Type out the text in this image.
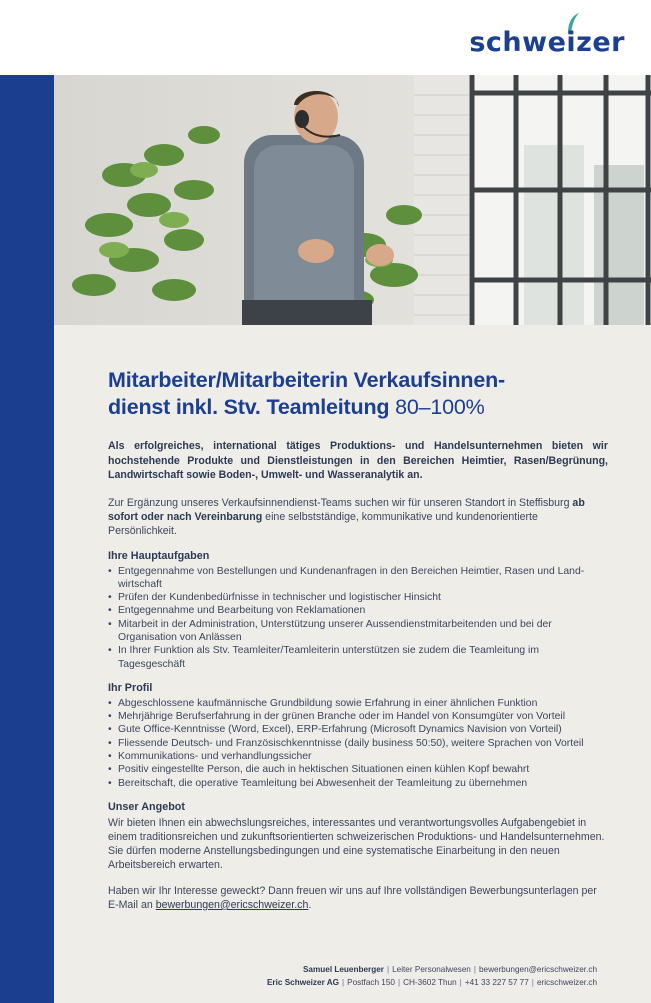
schweizer
Mitarbeiter/Mitarbeiterin Verkaufsinnen-
dienst inkl. Stv. Teamleitung 80–100%
Als erfolgreiches, international tätiges Produktions- und Handelsunternehmen bieten wir hochstehende Produkte und Dienstleistungen in den Bereichen Heimtier, Rasen/Begrünung, Landwirtschaft sowie Boden-, Umwelt- und Wasseranalytik an.
Zur Ergänzung unseres Verkaufsinnendienst-Teams suchen wir für unseren Standort in Steffisburg ab sofort oder nach Vereinbarung eine selbstständige, kommunikative und kundenorientierte Persönlichkeit.
Ihre Hauptaufgaben
• Entgegennahme von Bestellungen und Kundenanfragen in den Bereichen Heimtier, Rasen und Landwirtschaft
• Prüfen der Kundenbedürfnisse in technischer und logistischer Hinsicht
• Entgegennahme und Bearbeitung von Reklamationen
• Mitarbeit in der Administration, Unterstützung unserer Aussendienstmitarbeitenden und bei der Organisation von Anlässen
• In Ihrer Funktion als Stv. Teamleiter/Teamleiterin unterstützen sie zudem die Teamleitung im Tagesgeschäft
Ihr Profil
• Abgeschlossene kaufmännische Grundbildung sowie Erfahrung in einer ähnlichen Funktion
• Mehrjährige Berufserfahrung in der grünen Branche oder im Handel von Konsumgüter von Vorteil
• Gute Office-Kenntnisse (Word, Excel), ERP-Erfahrung (Microsoft Dynamics Navision von Vorteil)
• Fliessende Deutsch- und Französischkenntnisse (daily business 50:50), weitere Sprachen von Vorteil
• Kommunikations- und verhandlungssicher
• Positiv eingestellte Person, die auch in hektischen Situationen einen kühlen Kopf bewahrt
• Bereitschaft, die operative Teamleitung bei Abwesenheit der Teamleitung zu übernehmen
Unser Angebot
Wir bieten Ihnen ein abwechslungsreiches, interessantes und verantwortungsvolles Aufgabengebiet in einem traditionsreichen und zukunftsorientierten schweizerischen Produktions- und Handelsunternehmen. Sie dürfen moderne Anstellungsbedingungen und eine systematische Einarbeitung in den neuen Arbeitsbereich erwarten.
Haben wir Ihr Interesse geweckt? Dann freuen wir uns auf Ihre vollständigen Bewerbungsunterlagen per E-Mail an bewerbungen@ericschweizer.ch.
Samuel Leuenberger | Leiter Personalwesen | bewerbungen@ericschweizer.ch
Eric Schweizer AG | Postfach 150 | CH-3602 Thun | +41 33 227 57 77 | ericschweizer.ch
